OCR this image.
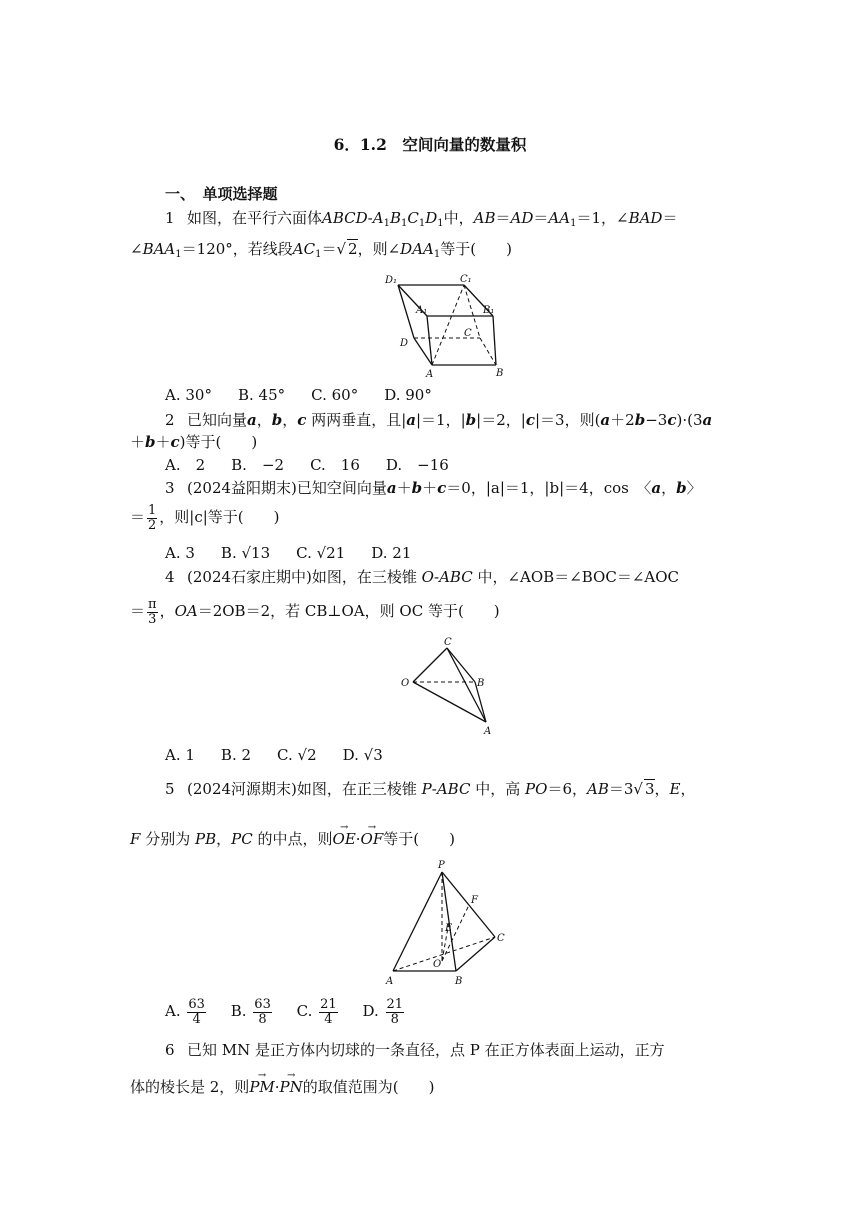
6．1.2　空间向量的数量积
一、　单项选择题
1 如图，在平行六面体ABCD-$A_1B_1C_1D_1$中，$AB=AD=AA_1=1$，∠BAD＝
$\angle BAA_1=120^\circ$，若线段$AC_1=√$ 2，则$\angle DAA_1$等于(　　)
D₁	C₁
A₁	B₁
C
D
A	B
A. 30° B. 45° C. 60° D. 90°
2 已知向量a，b，c 两两垂直，且|a|＝1，|b|＝2，|c|＝3，则(a＋2b−3c)·(3a
＋b＋c)等于(　　)
A.　2 B.　−2 C.　16 D.　−16
3 (2024益阳期末)已知空间向量a＋b＋c＝0，|a|＝1，|b|＝4，cos　〈a，b〉
＝ $\frac{1}{2}$ ，则|c|等于(　　)
A. 3 B. √13 C. √21 D. 21
4 (2024石家庄期中)如图，在三棱锥 O-ABC 中，∠AOB＝∠BOC＝∠AOC
＝ $\frac{\pi}{3}$ ，OA＝2OB＝2，若 CB⊥OA，则 OC 等于(　　)
C
O	B
A
A. 1 B. 2 C. √2 D. √3
5 (2024河源期末)如图，在正三棱锥 P-ABC 中，高 PO＝6，AB＝3√ 3，E，
F 分别为 PB，PC 的中点，则→ OE·→ OF等于(　　)
P
F
E
C
O
A	B
A. $\frac{63}{4} B$. $\frac{63}{8} C$. $\frac{21}{4} D$. $\frac{21}{8}$
6 已知 MN 是正方体内切球的一条直径，点 P 在正方体表面上运动，正方
体的棱长是 2，则→ PM·→ PN的取值范围为(　　)
